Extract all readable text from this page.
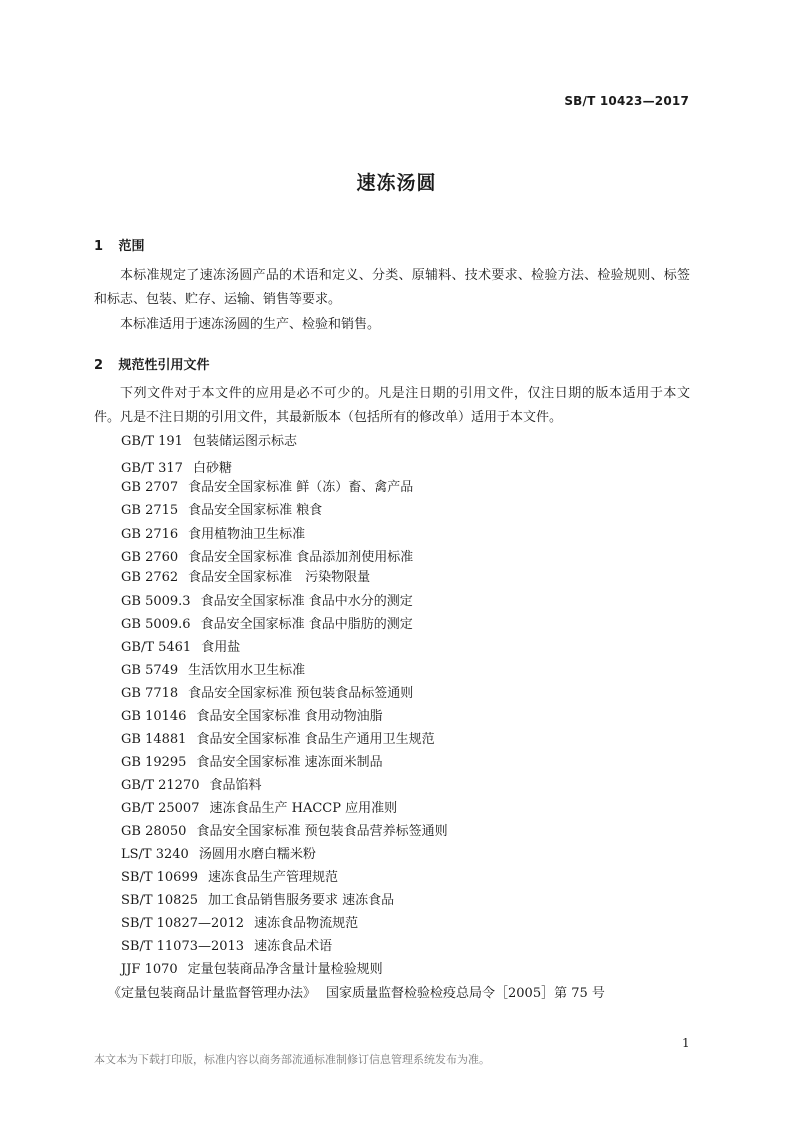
SB/T 10423—2017
速冻汤圆
1 范围
本标准规定了速冻汤圆产品的术语和定义、分类、原辅料、技术要求、检验方法、检验规则、标签和标志、包装、贮存、运输、销售等要求。
本标准适用于速冻汤圆的生产、检验和销售。
2 规范性引用文件
下列文件对于本文件的应用是必不可少的。凡是注日期的引用文件，仅注日期的版本适用于本文件。凡是不注日期的引用文件，其最新版本（包括所有的修改单）适用于本文件。
GB/T 191 包装储运图示标志
GB/T 317 白砂糖
GB 2707 食品安全国家标准 鲜（冻）畜、禽产品
GB 2715 食品安全国家标准 粮食
GB 2716 食用植物油卫生标准
GB 2760 食品安全国家标准 食品添加剂使用标准
GB 2762 食品安全国家标准　污染物限量
GB 5009.3 食品安全国家标准 食品中水分的测定
GB 5009.6 食品安全国家标准 食品中脂肪的测定
GB/T 5461 食用盐
GB 5749 生活饮用水卫生标准
GB 7718 食品安全国家标准 预包装食品标签通则
GB 10146 食品安全国家标准 食用动物油脂
GB 14881 食品安全国家标准 食品生产通用卫生规范
GB 19295 食品安全国家标准 速冻面米制品
GB/T 21270 食品馅料
GB/T 25007 速冻食品生产 HACCP 应用准则
GB 28050 食品安全国家标准 预包装食品营养标签通则
LS/T 3240 汤圆用水磨白糯米粉
SB/T 10699 速冻食品生产管理规范
SB/T 10825 加工食品销售服务要求 速冻食品
SB/T 10827—2012 速冻食品物流规范
SB/T 11073—2013 速冻食品术语
JJF 1070 定量包装商品净含量计量检验规则
《定量包装商品计量监督管理办法》 国家质量监督检验检疫总局令［2005］第 75 号
1
本文本为下载打印版，标准内容以商务部流通标准制修订信息管理系统发布为准。
